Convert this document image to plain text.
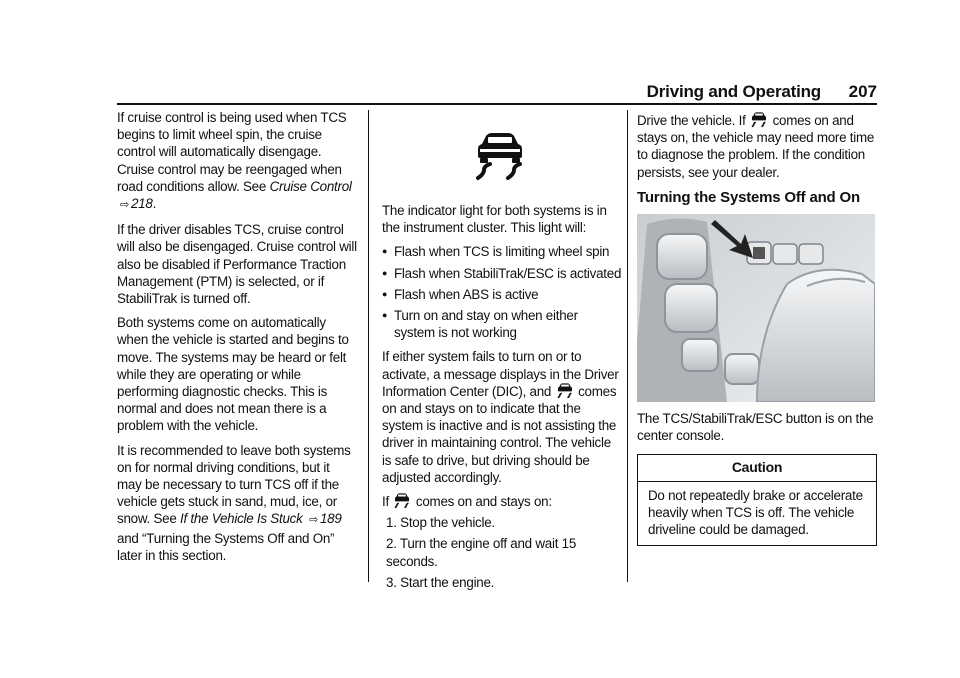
Driving and Operating 207

If cruise control is being used when TCS begins to limit wheel spin, the cruise control will automatically disengage. Cruise control may be reengaged when road conditions allow. See Cruise Control ⇨ 218.

If the driver disables TCS, cruise control will also be disengaged. Cruise control will also be disabled if Performance Traction Management (PTM) is selected, or if StabiliTrak is turned off.

Both systems come on automatically when the vehicle is started and begins to move. The systems may be heard or felt while they are operating or while performing diagnostic checks. This is normal and does not mean there is a problem with the vehicle.

It is recommended to leave both systems on for normal driving conditions, but it may be necessary to turn TCS off if the vehicle gets stuck in sand, mud, ice, or snow. See If the Vehicle Is Stuck ⇨ 189 and “Turning the Systems Off and On” later in this section.

The indicator light for both systems is in the instrument cluster. This light will:

● Flash when TCS is limiting wheel spin
● Flash when StabiliTrak/ESC is activated
● Flash when ABS is active
● Turn on and stay on when either system is not working

If either system fails to turn on or to activate, a message displays in the Driver Information Center (DIC), and  comes on and stays on to indicate that the system is inactive and is not assisting the driver in maintaining control. The vehicle is safe to drive, but driving should be adjusted accordingly.

If  comes on and stays on:

1. Stop the vehicle.
2. Turn the engine off and wait 15 seconds.
3. Start the engine.

Drive the vehicle. If  comes on and stays on, the vehicle may need more time to diagnose the problem. If the condition persists, see your dealer.

Turning the Systems Off and On

The TCS/StabiliTrak/ESC button is on the center console.

Caution
Do not repeatedly brake or accelerate heavily when TCS is off. The vehicle driveline could be damaged.
